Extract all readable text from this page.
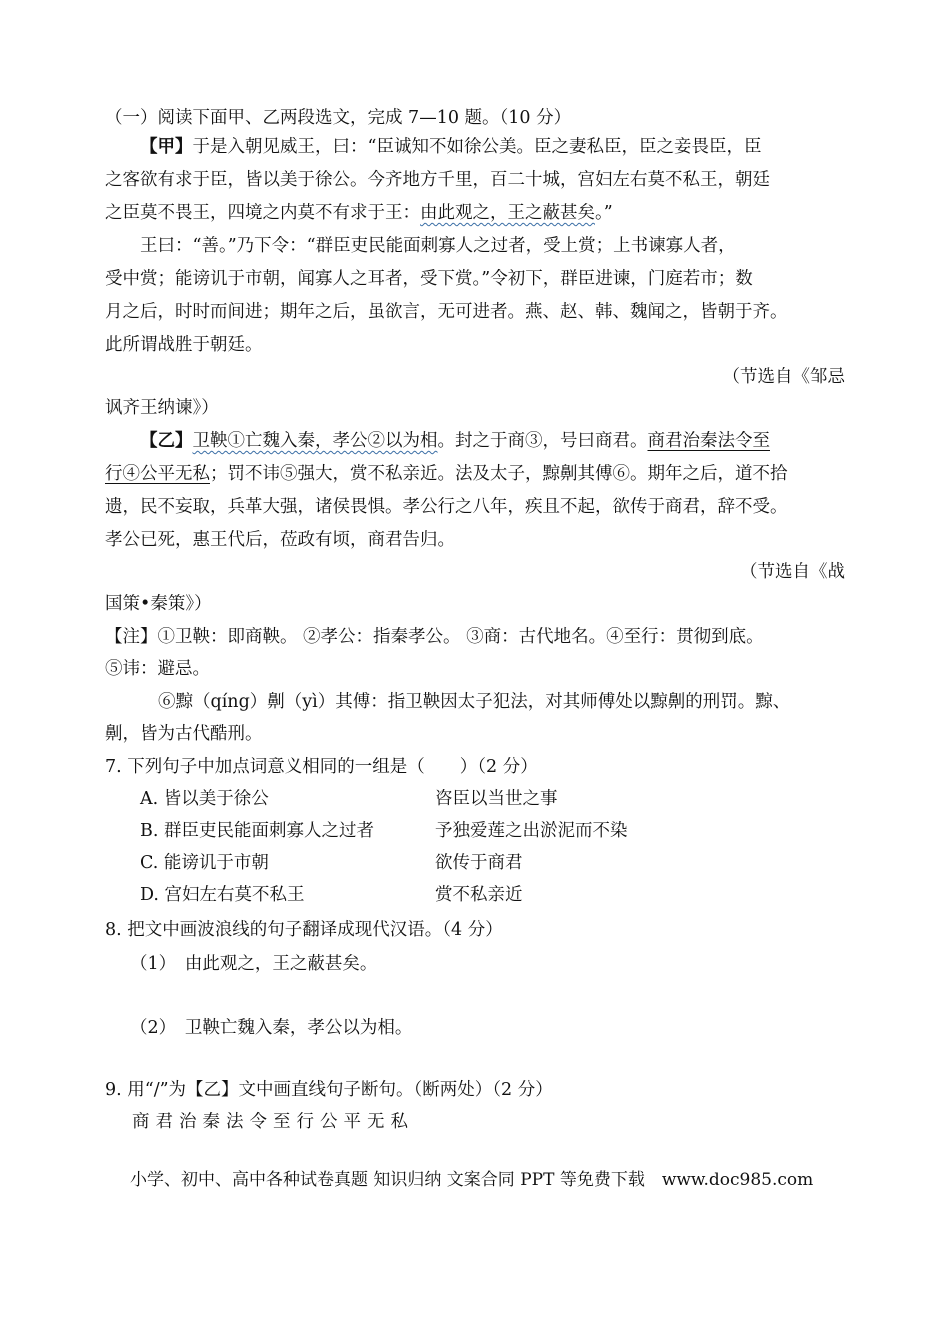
（一）阅读下面甲、乙两段选文，完成 7—10 题。（10 分）
【甲】于是入朝见威王，曰：“臣诚知不如徐公美。臣之妻私臣，臣之妾畏臣，臣
之客欲有求于臣，皆以美于徐公。今齐地方千里，百二十城，宫妇左右莫不私王，朝廷
之臣莫不畏王，四境之内莫不有求于王：由此观之，王之蔽甚矣。”
王曰：“善。”乃下令：“群臣吏民能面刺寡人之过者，受上赏；上书谏寡人者，
受中赏；能谤讥于市朝，闻寡人之耳者，受下赏。”令初下，群臣进谏，门庭若市；数
月之后，时时而间进；期年之后，虽欲言，无可进者。燕、赵、韩、魏闻之，皆朝于齐。
此所谓战胜于朝廷。
（节选自《邹忌
讽齐王纳谏》）
【乙】卫鞅①亡魏入秦，孝公②以为相。封之于商③，号曰商君。商君治秦法令至
行④公平无私；罚不讳⑤强大，赏不私亲近。法及太子，黥劓其傅⑥。期年之后，道不拾
遗，民不妄取，兵革大强，诸侯畏惧。孝公行之八年，疾且不起，欲传于商君，辞不受。
孝公已死，惠王代后，莅政有顷，商君告归。
（节选自《战
国策•秦策》）
【注】①卫鞅：即商鞅。 ②孝公：指秦孝公。 ③商：古代地名。④至行：贯彻到底。
⑤讳：避忌。
⑥黥（qíng）劓（yì）其傅：指卫鞅因太子犯法，对其师傅处以黥劓的刑罚。黥、
劓，皆为古代酷刑。
7. 下列句子中加点词意义相同的一组是（　　）（2 分）
A. 皆以美于徐公	咨臣以当世之事
B. 群臣吏民能面刺寡人之过者	予独爱莲之出淤泥而不染
C. 能谤讥于市朝	欲传于商君
D. 宫妇左右莫不私王	赏不私亲近
8. 把文中画波浪线的句子翻译成现代汉语。（4 分）
（1）　由此观之，王之蔽甚矣。
（2）　卫鞅亡魏入秦，孝公以为相。
9. 用“/”为【乙】文中画直线句子断句。（断两处）（2 分）
商君治秦法令至行公平无私
小学、初中、高中各种试卷真题 知识归纳 文案合同 PPT 等免费下载　www.doc985.com
